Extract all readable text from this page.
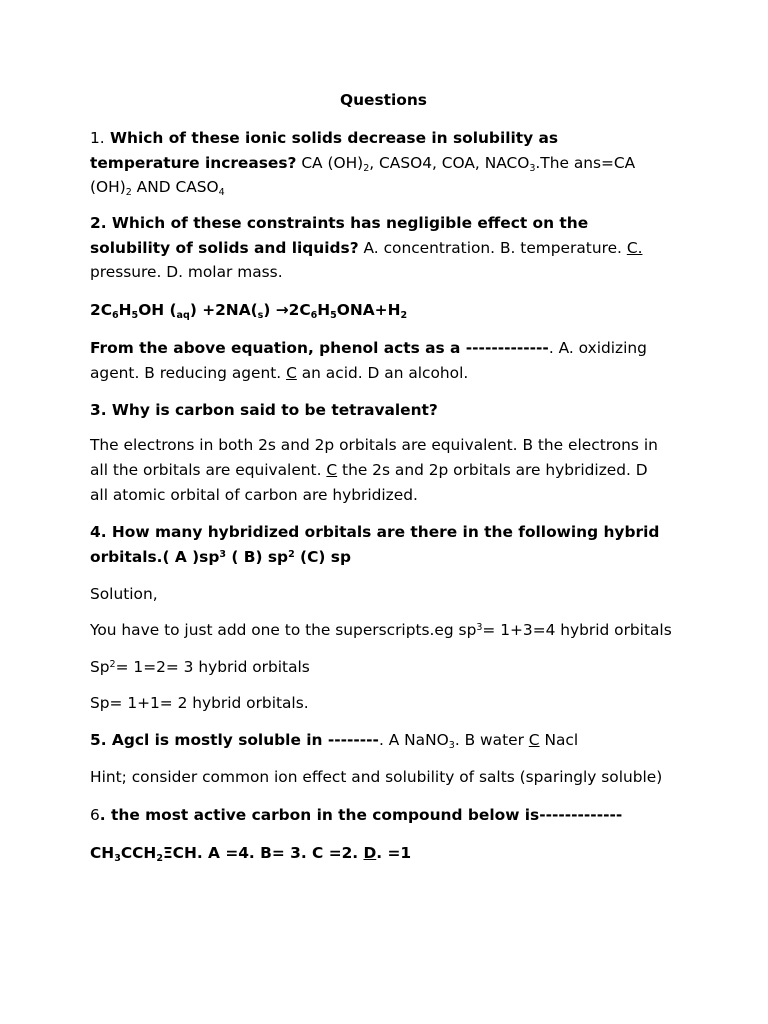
Questions
1. Which of these ionic solids decrease in solubility as
temperature increases? CA $(OH)_2$, CASO4, COA, $NACO_3.The$ ans=CA
$(OH)_2$ AND $CASO_4$
2. Which of these constraints has negligible effect on the
solubility of solids and liquids? A. concentration. B. temperature. C.
pressure. D. molar mass.
$2C_6H_5OH$ $(_{aq}) +2NA(_s) \to 2C_6H_5ONA+H_2$
From the above equation, phenol acts as a -------------. A. oxidizing
agent. B reducing agent. C an acid. D an alcohol.
3. Why is carbon said to be tetravalent?
The electrons in both 2s and 2p orbitals are equivalent. B the electrons in
all the orbitals are equivalent. C the 2s and 2p orbitals are hybridized. D
all atomic orbital of carbon are hybridized.
4. How many hybridized orbitals are there in the following hybrid
orbitals.( A )$sp^3$ ( B) $sp^2$ (C) sp
Solution,
You have to just add one to the superscripts.eg $sp^3= 1+3=4$ hybrid orbitals
$Sp^2= 1=2= 3$ hybrid orbitals
Sp= 1+1= 2 hybrid orbitals.
5. Agcl is mostly soluble in --------. A NaNO$_3$. B water C Nacl
Hint; consider common ion effect and solubility of salts (sparingly soluble)
6. the most active carbon in the compound below is-------------
$CH_3CCH_2\Xi CH$. A =4. B= 3. C =2. D. =1
